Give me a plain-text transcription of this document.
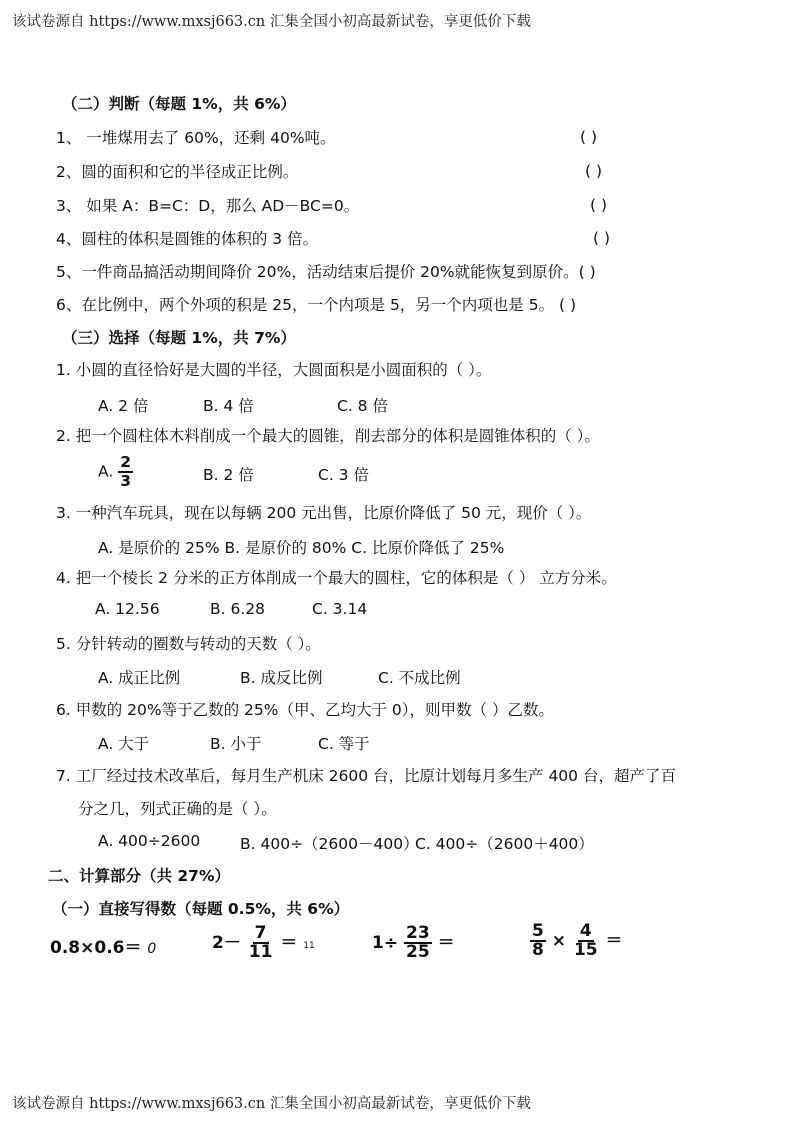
该试卷源自 https://www.mxsj663.cn 汇集全国小初高最新试卷，享更低价下载
（二）判断（每题 1%，共 6%）
1、 一堆煤用去了 60%，还剩 40%吨。	( )
2、圆的面积和它的半径成正比例。	( )
3、 如果 A：B=C：D，那么 AD－BC=0。	( )
4、圆柱的体积是圆锥的体积的 3 倍。	( )
5、一件商品搞活动期间降价 20%，活动结束后提价 20%就能恢复到原价。( )
6、在比例中，两个外项的积是 25，一个内项是 5，另一个内项也是 5。 ( )
（三）选择（每题 1%，共 7%）
1. 小圆的直径恰好是大圆的半径，大圆面积是小圆面积的（ ）。
A. 2 倍	B. 4 倍	C. 8 倍
2. 把一个圆柱体木料削成一个最大的圆锥，削去部分的体积是圆锥体积的（ ）。
A. $\frac{2}{3}$	B. 2 倍	C. 3 倍
3. 一种汽车玩具，现在以每辆 200 元出售，比原价降低了 50 元，现价（ ）。
A. 是原价的 25% B. 是原价的 80% C. 比原价降低了 25%
4. 把一个棱长 2 分米的正方体削成一个最大的圆柱，它的体积是（ ） 立方分米。
A. 12.56	B. 6.28	C. 3.14
5. 分针转动的圈数与转动的天数（ ）。
A. 成正比例	B. 成反比例	C. 不成比例
6. 甲数的 20%等于乙数的 25%（甲、乙均大于 0），则甲数（ ）乙数。
A. 大于	B. 小于	C. 等于
7. 工厂经过技术改革后，每月生产机床 2600 台，比原计划每月多生产 400 台，超产了百
分之几，列式正确的是（ ）。
A. 400÷2600	B. 400÷（2600－400）
C. 400÷（2600＋400）
二、计算部分（共 27%）
（一）直接写得数（每题 0.5%，共 6%）
0.8×0.6＝ 0	$2- \frac{7}{11} = 11$	$1\div \frac{23}{25}$ ＝	$\frac{5}{8} \times \frac{4}{15}$ ＝
该试卷源自 https://www.mxsj663.cn 汇集全国小初高最新试卷，享更低价下载
